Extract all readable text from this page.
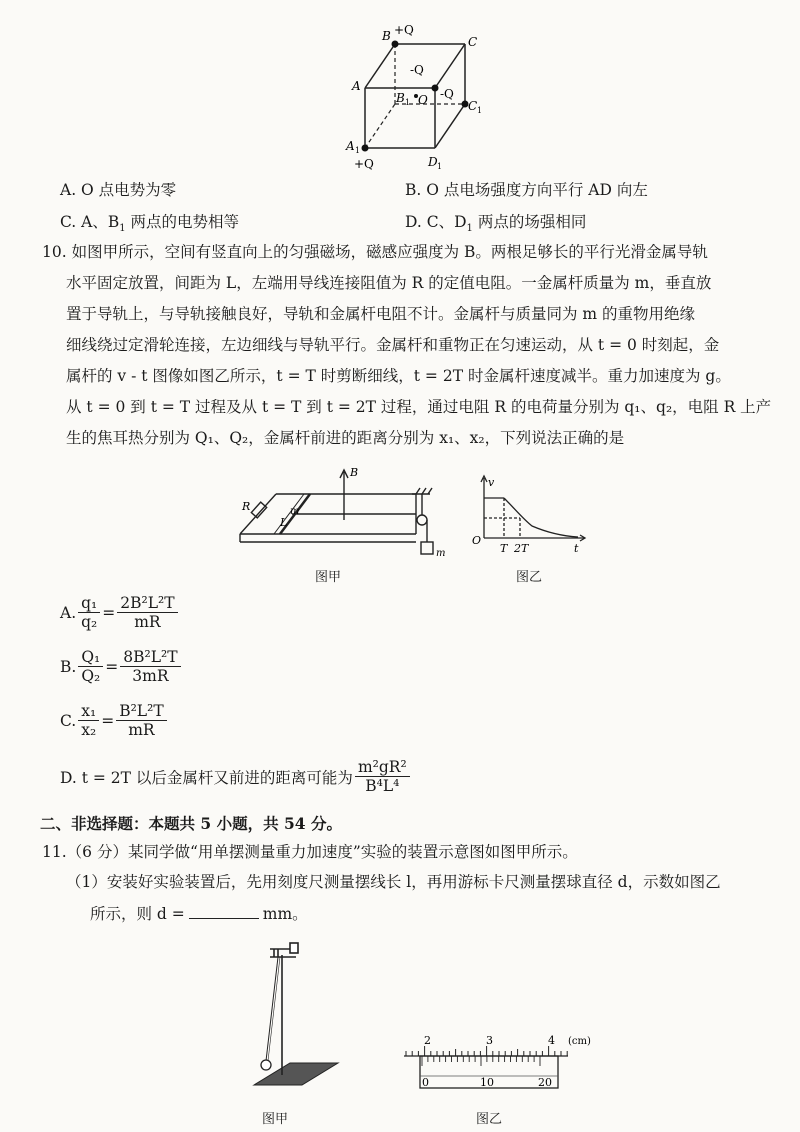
B +Q
C
A
-Q
B 1 O -Q
C 1
A 1
D 1
+Q
A. O 点电势为零	B. O 点电场强度方向平行 AD 向左
C. A、$B_1$ 两点的电势相等	D. C、$D_1$ 两点的场强相同
10. 如图甲所示，空间有竖直向上的匀强磁场，磁感应强度为 B。两根足够长的平行光滑金属导轨
水平固定放置，间距为 L，左端用导线连接阻值为 R 的定值电阻。一金属杆质量为 m，垂直放
置于导轨上，与导轨接触良好，导轨和金属杆电阻不计。金属杆与质量同为 m 的重物用绝缘
细线绕过定滑轮连接，左边细线与导轨平行。金属杆和重物正在匀速运动，从 t = 0 时刻起，金
属杆的 v - t 图像如图乙所示，t = T 时剪断细线，t = 2T 时金属杆速度减半。重力加速度为 g。
从 t = 0 到 t = T 过程及从 t = T 到 t = 2T 过程，通过电阻 R 的电荷量分别为 q₁、q₂，电阻 R 上产
生的焦耳热分别为 Q₁、Q₂，金属杆前进的距离分别为 x₁、x₂，下列说法正确的是
B
R
L
m
m
图甲
v
O
T 2T	t
图乙
A. $\frac{\text{q₁}}{\text{q₂}} = \frac{\text{2B²L²T}}{mR}$
B. $\frac{\text{Q₁}}{\text{Q₂}} = \frac{\text{8B²L²T}}{3mR}$
C. $\frac{\text{x₁}}{\text{x₂}} = \frac{\text{B²L²T}}{mR}$
D. t = 2T 以后金属杆又前进的距离可能为 $\frac{\text{m²gR²}}{\text{B⁴L⁴}}$
二、非选择题：本题共 5 小题，共 54 分。
11.（6 分）某同学做“用单摆测量重力加速度”实验的装置示意图如图甲所示。
（1）安装好实验装置后，先用刻度尺测量摆线长 l，再用游标卡尺测量摆球直径 d，示数如图乙
所示，则 d =	mm。
图甲
2	3	4 (cm)
0	10	20
图乙
